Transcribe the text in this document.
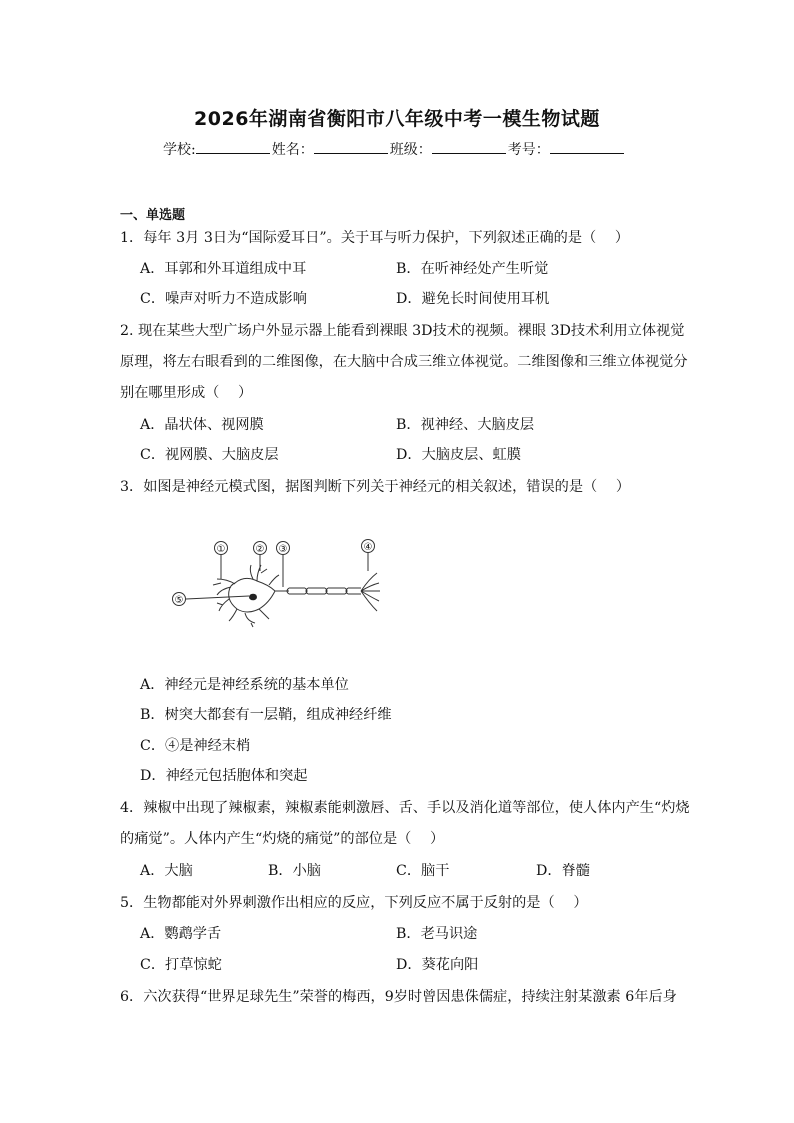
2026年湖南省衡阳市八年级中考一模生物试题
学校:	姓名：	班级：	考号：
一、单选题
1．每年 3月 3日为“国际爱耳日”。关于耳与听力保护，下列叙述正确的是（　 ）
A．耳郭和外耳道组成中耳	B．在听神经处产生听觉
C．噪声对听力不造成影响	D．避免长时间使用耳机
2. 现在某些大型广场户外显示器上能看到裸眼 3D技术的视频。裸眼 3D技术利用立体视觉
原理，将左右眼看到的二维图像，在大脑中合成三维立体视觉。二维图像和三维立体视觉分
别在哪里形成（　 ）
A．晶状体、视网膜	B．视神经、大脑皮层
C．视网膜、大脑皮层	D．大脑皮层、虹膜
3．如图是神经元模式图，据图判断下列关于神经元的相关叙述，错误的是（　 ）
①	② ③	④
⑤
A．神经元是神经系统的基本单位
B．树突大都套有一层鞘，组成神经纤维
C．④是神经末梢
D．神经元包括胞体和突起
4．辣椒中出现了辣椒素，辣椒素能刺激唇、舌、手以及消化道等部位，使人体内产生“灼烧
的痛觉”。人体内产生“灼烧的痛觉”的部位是（　 ）
A．大脑	B．小脑	C．脑干	D．脊髓
5．生物都能对外界刺激作出相应的反应，下列反应不属于反射的是（　 ）
A．鹦鹉学舌	B．老马识途
C．打草惊蛇	D．葵花向阳
6．六次获得“世界足球先生”荣誉的梅西，9岁时曾因患侏儒症，持续注射某激素 6年后身
